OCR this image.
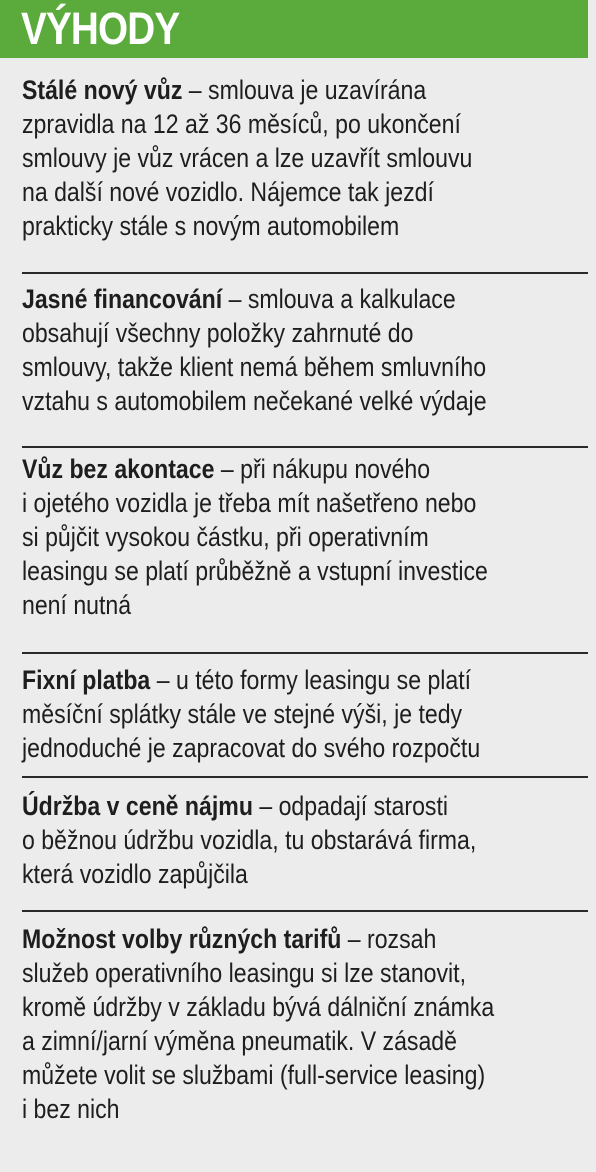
VÝHODY
Stálé nový vůz – smlouva je uzavírána
zpravidla na 12 až 36 měsíců, po ukončení
smlouvy je vůz vrácen a lze uzavřít smlouvu
na další nové vozidlo. Nájemce tak jezdí
prakticky stále s novým automobilem
Jasné financování – smlouva a kalkulace
obsahují všechny položky zahrnuté do
smlouvy, takže klient nemá během smluvního
vztahu s automobilem nečekané velké výdaje
Vůz bez akontace – při nákupu nového
i ojetého vozidla je třeba mít našetřeno nebo
si půjčit vysokou částku, při operativním
leasingu se platí průběžně a vstupní investice
není nutná
Fixní platba – u této formy leasingu se platí
měsíční splátky stále ve stejné výši, je tedy
jednoduché je zapracovat do svého rozpočtu
Údržba v ceně nájmu – odpadají starosti
o běžnou údržbu vozidla, tu obstarává firma,
která vozidlo zapůjčila
Možnost volby různých tarifů – rozsah
služeb operativního leasingu si lze stanovit,
kromě údržby v základu bývá dálniční známka
a zimní/jarní výměna pneumatik. V zásadě
můžete volit se službami (full-service leasing)
i bez nich
